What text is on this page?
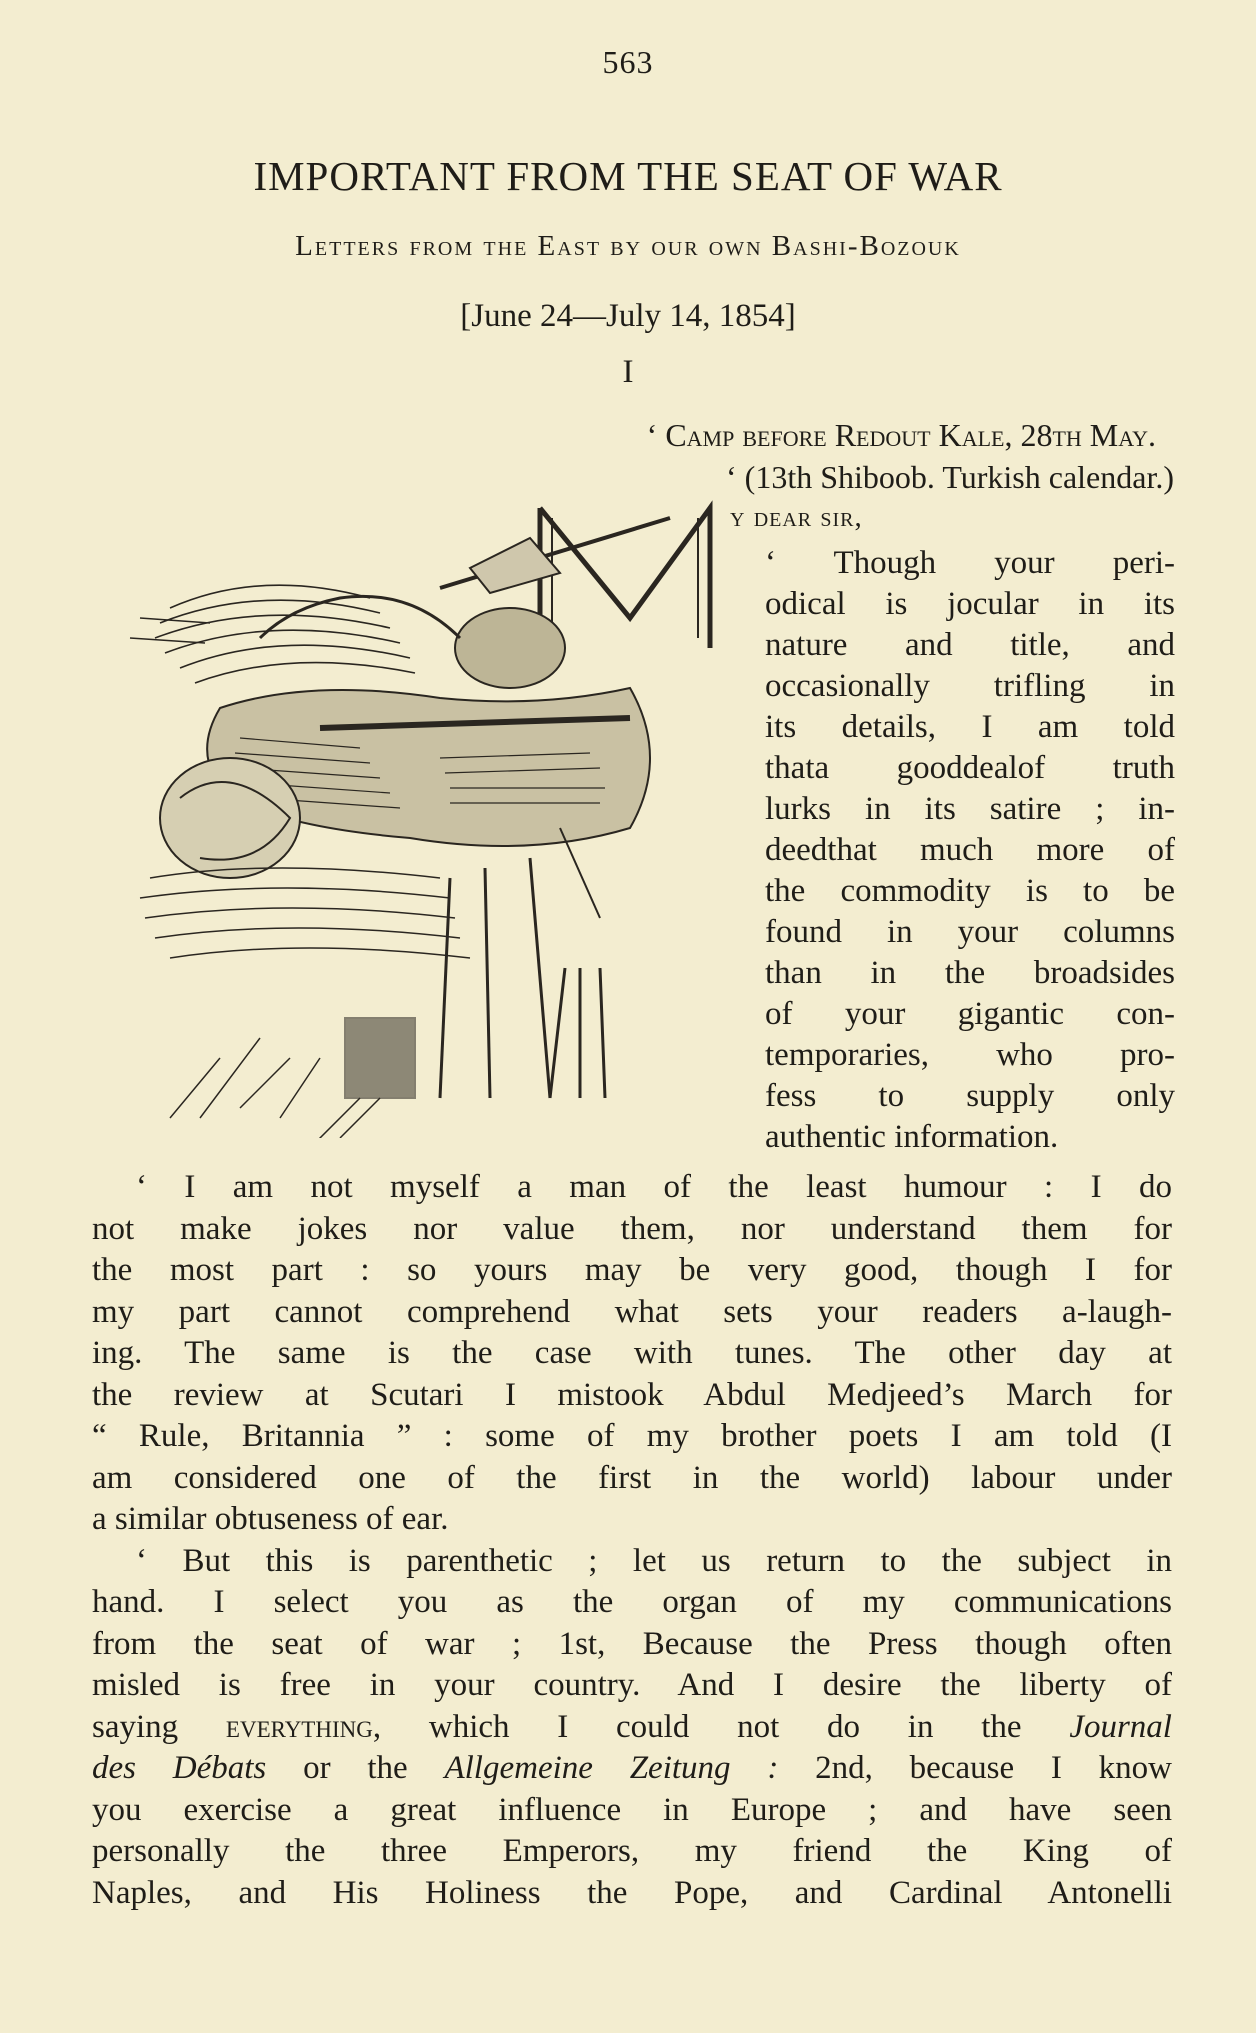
563
IMPORTANT FROM THE SEAT OF WAR
Letters from the East by our own Bashi-Bozouk
[June 24—July 14, 1854]
I
‘ Camp before Redout Kale, 28th May.
‘ (13th Shiboob. Turkish calendar.)
y dear sir,
‘ Though your peri-
odical is jocular in its
nature and title, and
occasionally trifling in
its details, I am told
thata gooddealof truth
lurks in its satire ; in-
deedthat much more of
the commodity is to be
found in your columns
than in the broadsides
of your gigantic con-
temporaries, who pro-
fess to supply only
authentic information.
‘ I am not myself a man of the least humour : I do
not make jokes nor value them, nor understand them for
the most part : so yours may be very good, though I for
my part cannot comprehend what sets your readers a-laugh-
ing. The same is the case with tunes. The other day at
the review at Scutari I mistook Abdul Medjeed’s March for
“ Rule, Britannia ” : some of my brother poets I am told (I
am considered one of the first in the world) labour under
a similar obtuseness of ear.
‘ But this is parenthetic ; let us return to the subject in
hand. I select you as the organ of my communications
from the seat of war ; 1st, Because the Press though often
misled is free in your country. And I desire the liberty of
saying everything, which I could not do in the Journal
des Débats or the Allgemeine Zeitung : 2nd, because I know
you exercise a great influence in Europe ; and have seen
personally the three Emperors, my friend the King of
Naples, and His Holiness the Pope, and Cardinal Antonelli
